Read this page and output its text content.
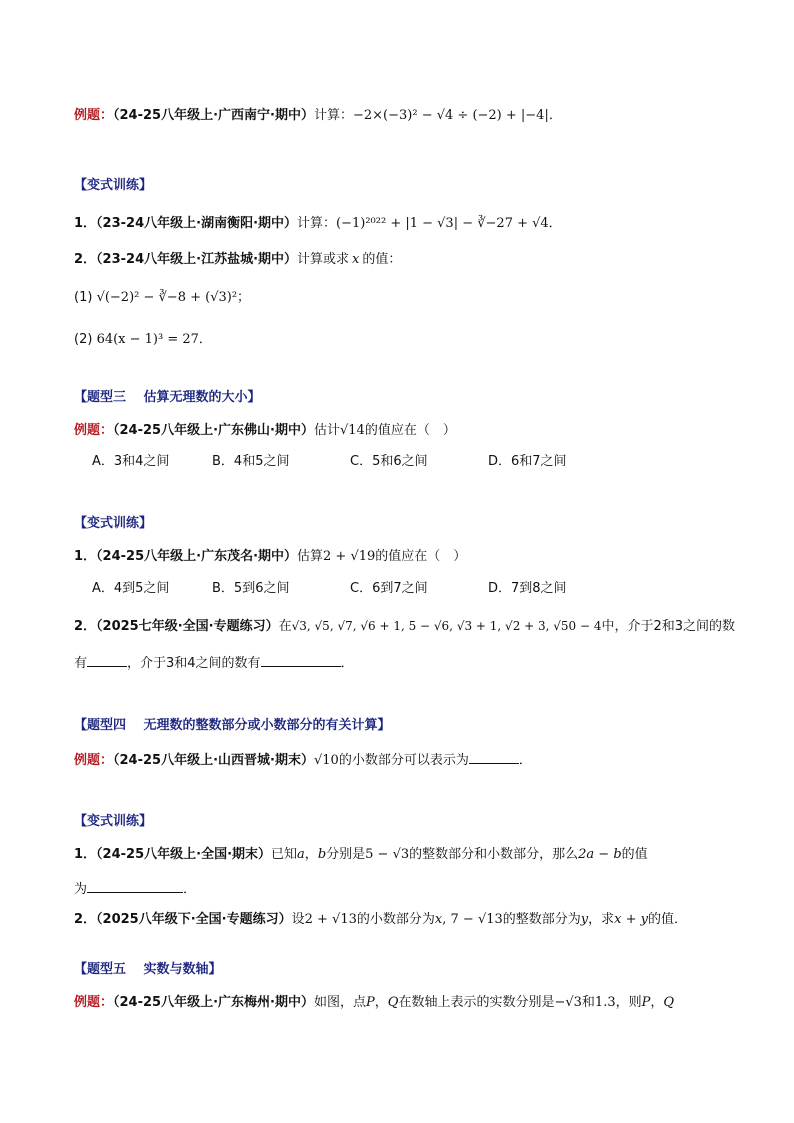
例题：（24-25八年级上·广西南宁·期中）计算：−2×(−3)² − √4 ÷ (−2) + |−4|．
【变式训练】
1．（23-24八年级上·湖南衡阳·期中）计算：(−1)²⁰²² + |1 − √3| − ∛−27 + √4．
2．（23-24八年级上·江苏盐城·期中）计算或求 x 的值：
(1) √(−2)² − ∛−8 + (√3)²；
(2) 64(x − 1)³ = 27．
【题型三　 估算无理数的大小】
例题：（24-25八年级上·广东佛山·期中）估计√14的值应在（　）
A．3和4之间	B．4和5之间	C．5和6之间	D．6和7之间
【变式训练】
1．（24-25八年级上·广东茂名·期中）估算2 + √19的值应在（　）
A．4到5之间	B．5到6之间	C．6到7之间	D．7到8之间
2．（2025七年级·全国·专题练习）在√3, √5, √7, √6 + 1, 5 − √6, √3 + 1, √2 + 3, √50 − 4中，介于2和3之间的数
有	，介于3和4之间的数有	．
【题型四　 无理数的整数部分或小数部分的有关计算】
例题：（24-25八年级上·山西晋城·期末）√10的小数部分可以表示为	．
【变式训练】
1．（24-25八年级上·全国·期末）已知a，b分别是5 − √3的整数部分和小数部分，那么2a − b的值
为	．
2．（2025八年级下·全国·专题练习）设2 + √13的小数部分为x, 7 − √13的整数部分为y，求x + y的值．
【题型五　 实数与数轴】
例题：（24-25八年级上·广东梅州·期中）如图，点P，Q在数轴上表示的实数分别是−√3和1.3，则P，Q
